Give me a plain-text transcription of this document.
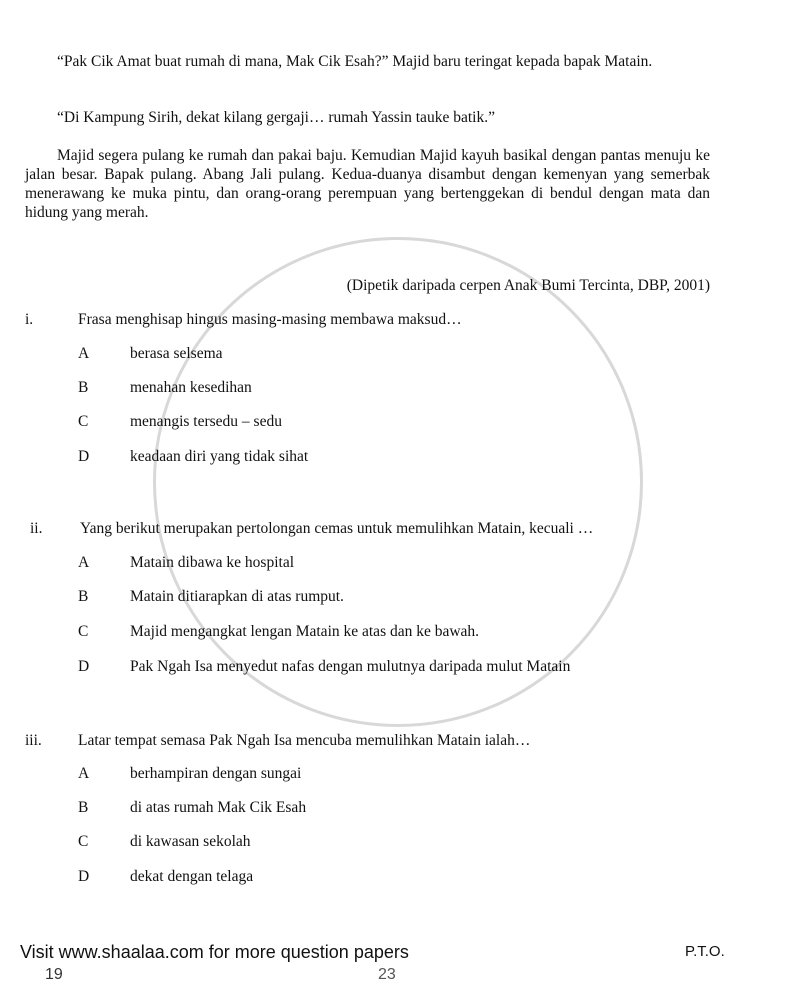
“Pak Cik Amat buat rumah di mana, Mak Cik Esah?” Majid baru teringat kepada bapak Matain.
“Di Kampung Sirih, dekat kilang gergaji… rumah Yassin tauke batik.”
Majid segera pulang ke rumah dan pakai baju. Kemudian Majid kayuh basikal dengan pantas menuju ke jalan besar. Bapak pulang. Abang Jali pulang. Kedua-duanya disambut dengan kemenyan yang semerbak menerawang ke muka pintu, dan orang-orang perempuan yang bertenggekan di bendul dengan mata dan hidung yang merah.
(Dipetik daripada cerpen Anak Bumi Tercinta, DBP, 2001)
i.	Frasa menghisap hingus masing-masing membawa maksud…
A	berasa selsema
B	menahan kesedihan
C	menangis tersedu – sedu
D	keadaan diri yang tidak sihat
ii. Yang berikut merupakan pertolongan cemas untuk memulihkan Matain, kecuali …
A	Matain dibawa ke hospital
B	Matain ditiarapkan di atas rumput.
C	Majid mengangkat lengan Matain ke atas dan ke bawah.
D	Pak Ngah Isa menyedut nafas dengan mulutnya daripada mulut Matain
iii. Latar tempat semasa Pak Ngah Isa mencuba memulihkan Matain ialah…
A	berhampiran dengan sungai
B	di atas rumah Mak Cik Esah
C	di kawasan sekolah
D	dekat dengan telaga
Visit www.shaalaa.com for more question papers	P.T.O.
19	23
